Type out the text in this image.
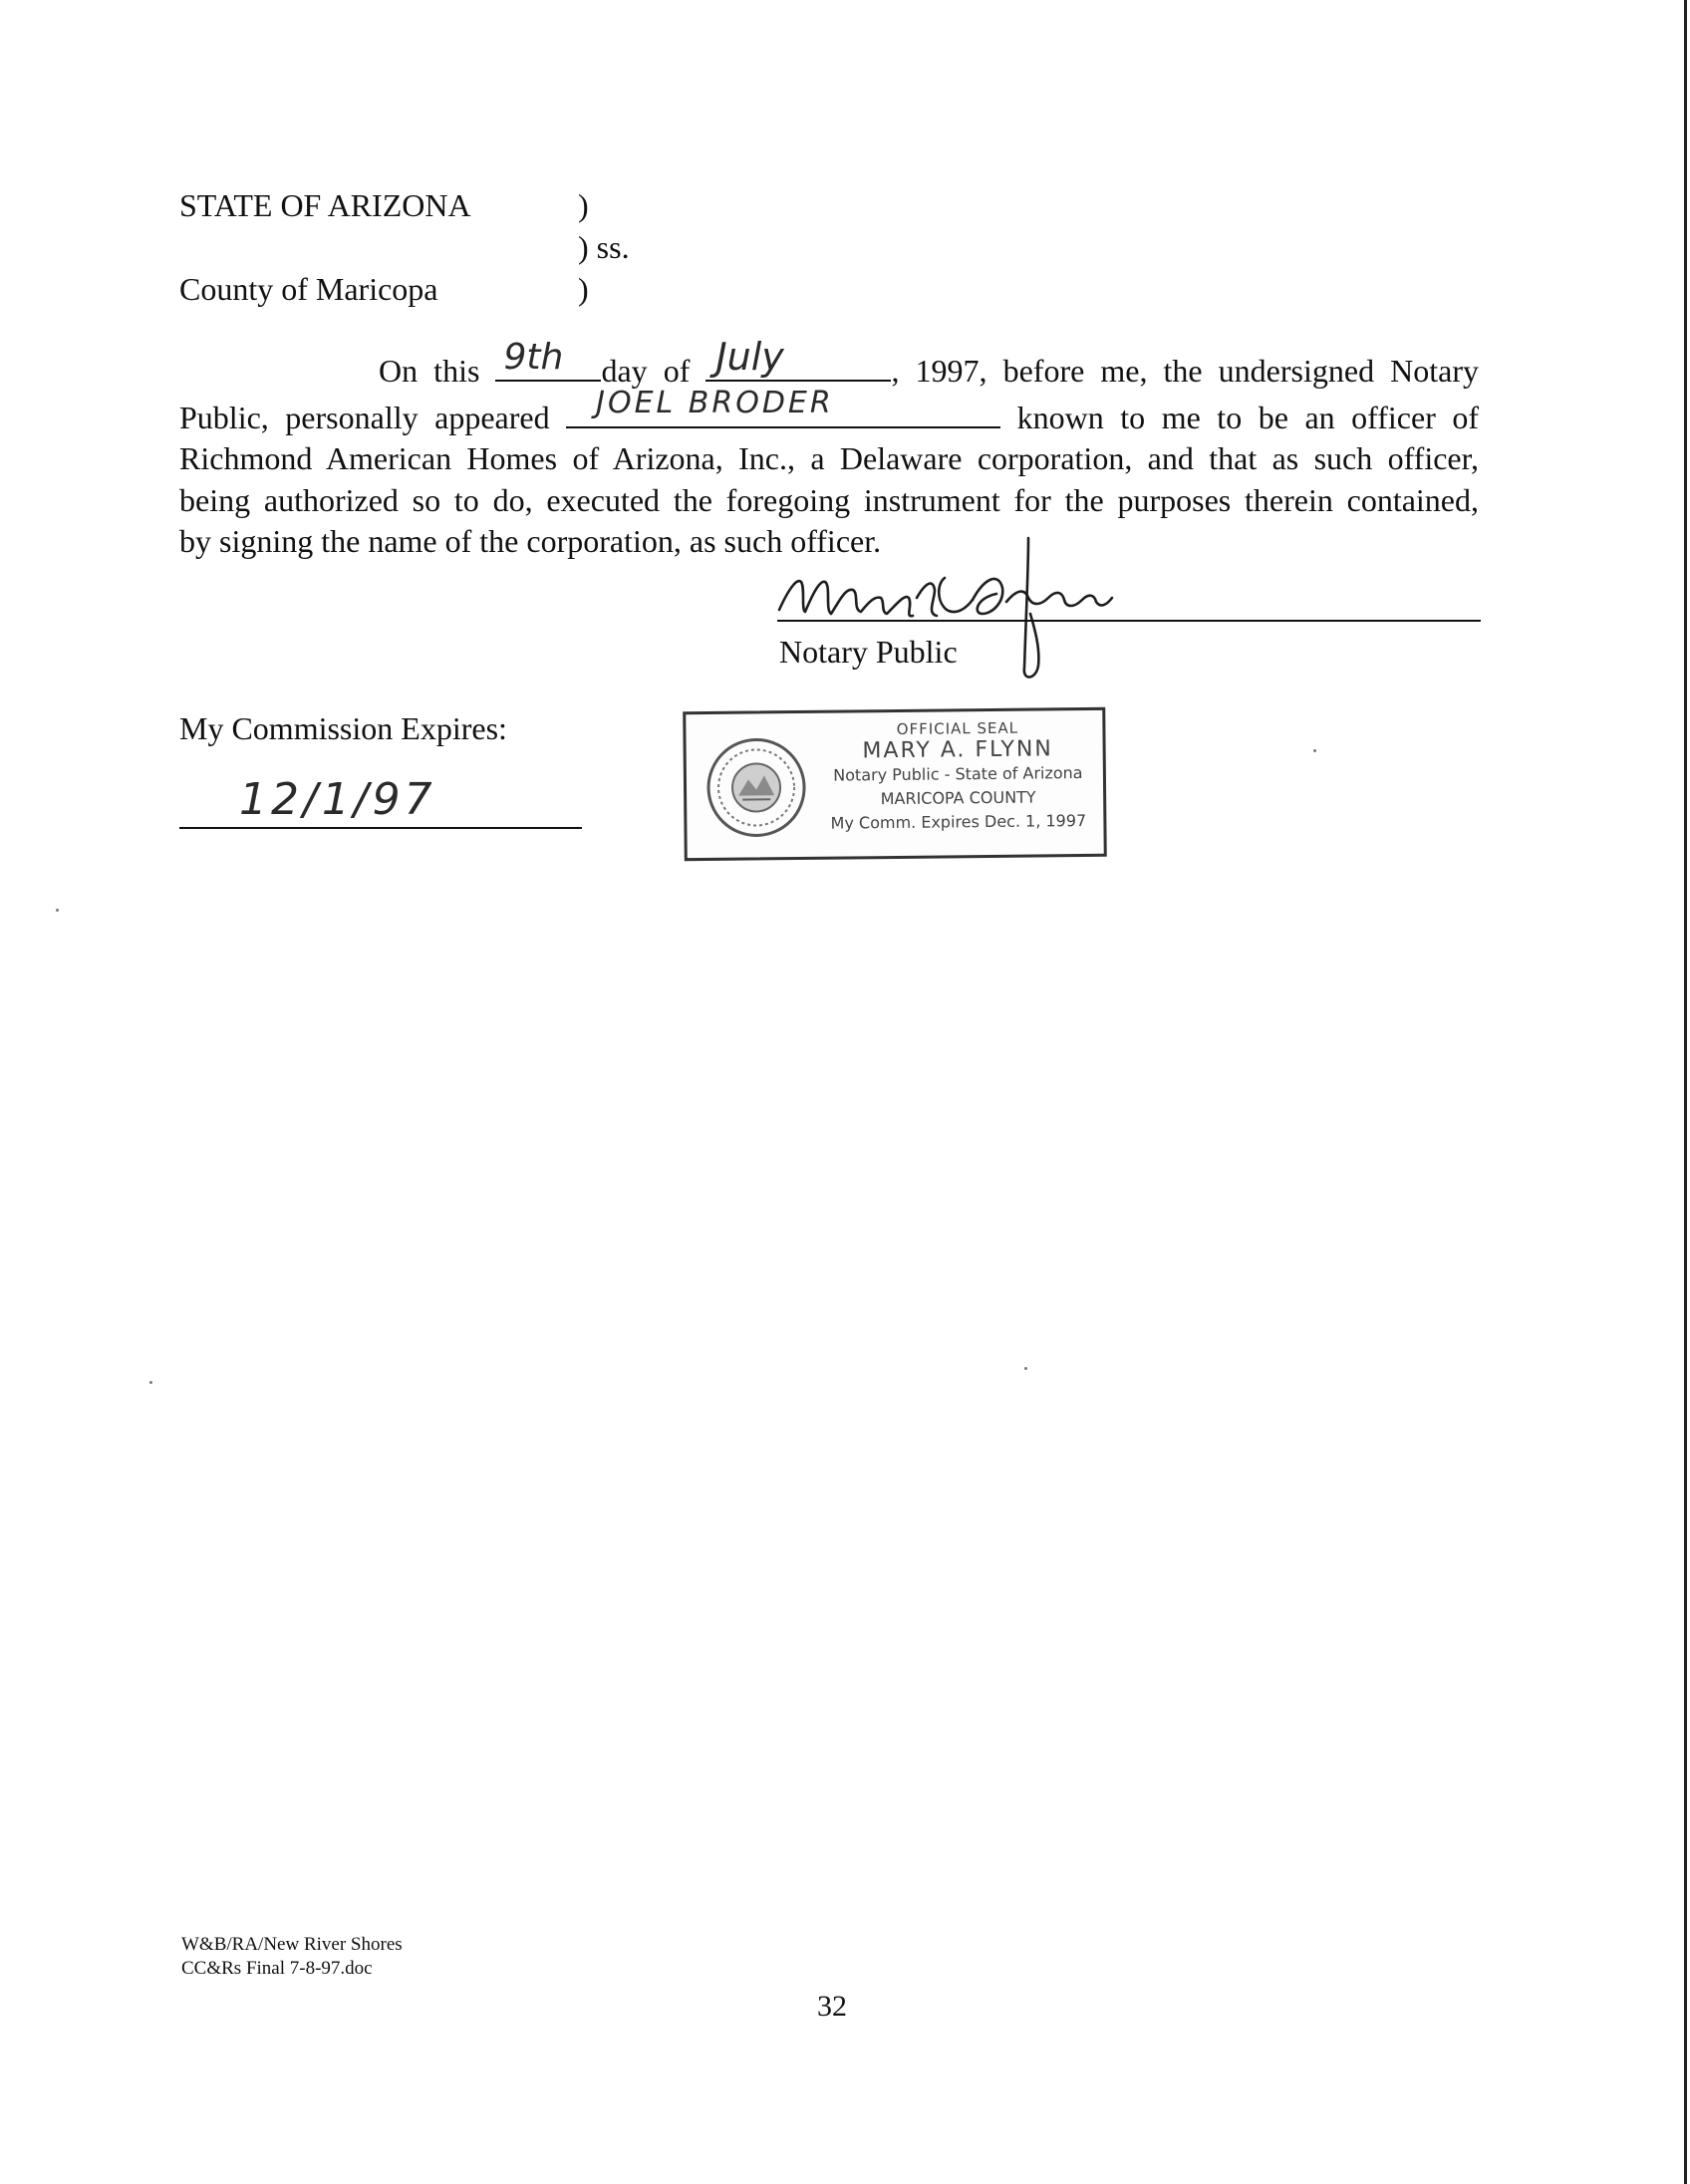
STATE OF ARIZONA	)
) ss.
County of Maricopa	)
On this 9th day of July	, 1997, before me, the undersigned Notary
Public, personally appeared JOEL BRODER	known to me to be an officer of
Richmond American Homes of Arizona, Inc., a Delaware corporation, and that as such officer,
being authorized so to do, executed the foregoing instrument for the purposes therein contained,
by signing the name of the corporation, as such officer.
Notary Public
My Commission Expires:
12/1/97
OFFICIAL SEAL
MARY A. FLYNN
Notary Public - State of Arizona
MARICOPA COUNTY
My Comm. Expires Dec. 1, 1997
W&B/RA/New River Shores
CC&Rs Final 7-8-97.doc
32
